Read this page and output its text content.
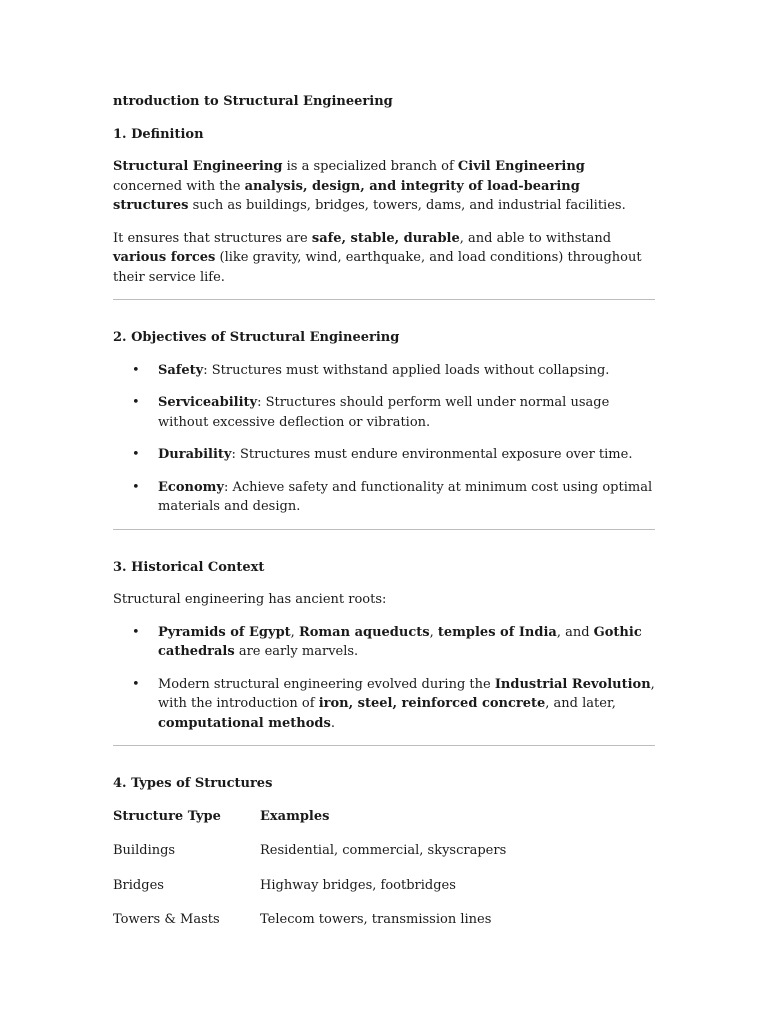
ntroduction to Structural Engineering

1. Definition

Structural Engineering is a specialized branch of Civil Engineering concerned with the analysis, design, and integrity of load-bearing structures such as buildings, bridges, towers, dams, and industrial facilities.

It ensures that structures are safe, stable, durable, and able to withstand various forces (like gravity, wind, earthquake, and load conditions) throughout their service life.

2. Objectives of Structural Engineering

• Safety: Structures must withstand applied loads without collapsing.
• Serviceability: Structures should perform well under normal usage without excessive deflection or vibration.
• Durability: Structures must endure environmental exposure over time.
• Economy: Achieve safety and functionality at minimum cost using optimal materials and design.

3. Historical Context

Structural engineering has ancient roots:

• Pyramids of Egypt, Roman aqueducts, temples of India, and Gothic cathedrals are early marvels.
• Modern structural engineering evolved during the Industrial Revolution, with the introduction of iron, steel, reinforced concrete, and later, computational methods.

4. Types of Structures

Structure Type	Examples
Buildings	Residential, commercial, skyscrapers
Bridges	Highway bridges, footbridges
Towers & Masts	Telecom towers, transmission lines
